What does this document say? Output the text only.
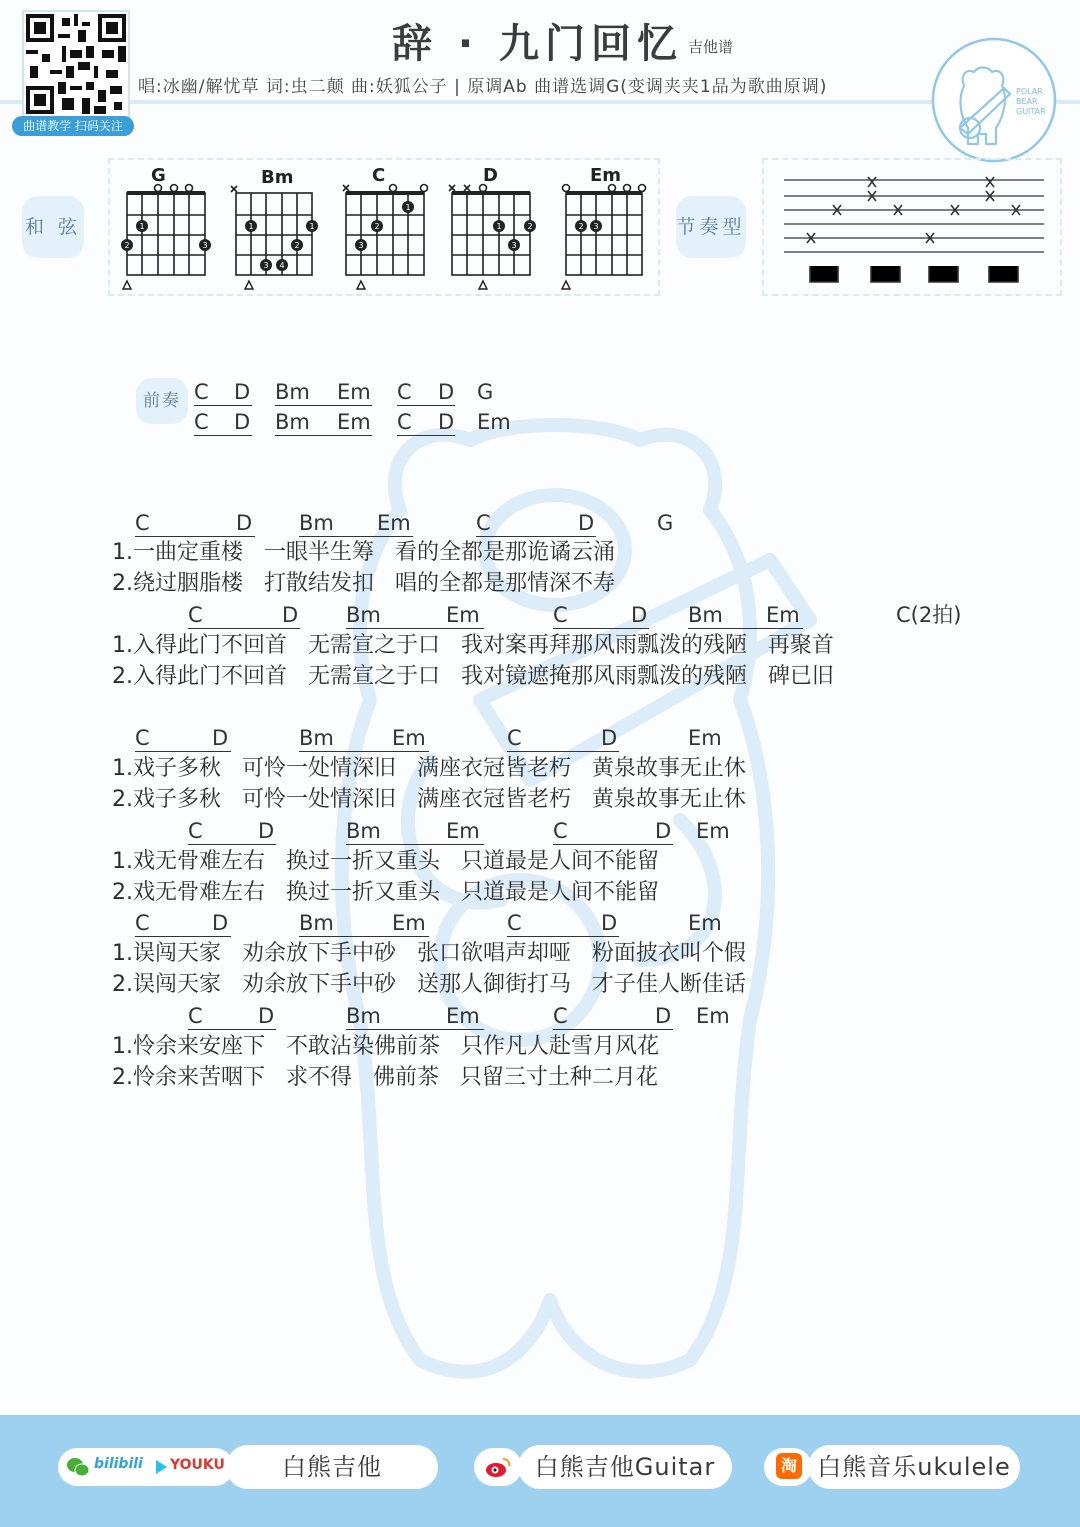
曲谱教学 扫码关注
辞 · 九门回忆 吉他谱
唱:冰幽/解忧草 词:虫二颠 曲:妖狐公子 | 原调Ab 曲谱选调G(变调夹夹1品为歌曲原调)	POLAR
BEAR
GUITAR
和 弦	节奏型
G
1
2	3
Bm
1	1
2
3 4
C
1
2
3
D
1	2
3
Em
2 3
前奏 C D Bm Em C D G
C D Bm Em C D Em
C	D Bm Em	C	D	G
1.一曲定重楼   一眼半生筹   看的全都是那诡谲云涌
2.绕过胭脂楼   打散结发扣   唱的全都是那情深不寿
C	D Bm	Em	C	D Bm Em	C(2拍)
1.入得此门不回首   无需宣之于口   我对案再拜那风雨瓢泼的残陋   再聚首
2.入得此门不回首   无需宣之于口   我对镜遮掩那风雨瓢泼的残陋   碑已旧
C	D	Bm	Em	C	D	Em
1.戏子多秋   可怜一处情深旧   满座衣冠皆老朽   黄泉故事无止休
2.戏子多秋   可怜一处情深旧   满座衣冠皆老朽   黄泉故事无止休
C	D	Bm	Em	C	D Em
1.戏无骨难左右   换过一折又重头   只道最是人间不能留
2.戏无骨难左右   换过一折又重头   只道最是人间不能留
C	D	Bm	Em	C	D	Em
1.误闯天家   劝余放下手中砂   张口欲唱声却哑   粉面披衣叫个假
2.误闯天家   劝余放下手中砂   送那人御街打马   才子佳人断佳话
C	D	Bm	Em	C	D Em
1.怜余来安座下   不敢沾染佛前茶   只作凡人赴雪月风花
2.怜余来苦咽下   求不得   佛前茶   只留三寸土种二月花
bilibili YOUKU	白熊吉他	白熊吉他Guitar	淘 白熊音乐ukulele
